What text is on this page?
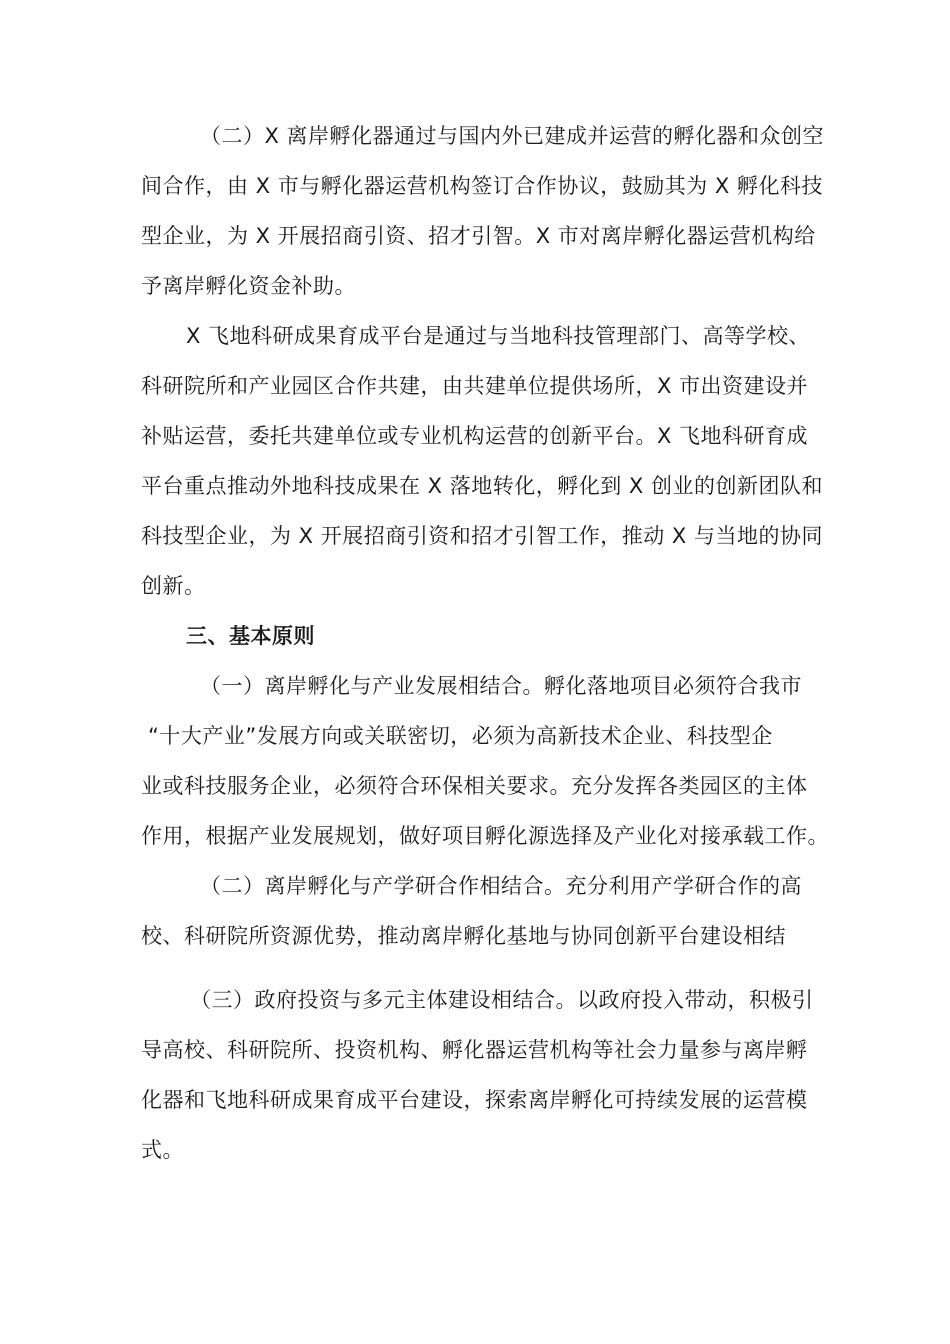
（二）X 离岸孵化器通过与国内外已建成并运营的孵化器和众创空
间合作，由 X 市与孵化器运营机构签订合作协议，鼓励其为 X 孵化科技
型企业，为 X 开展招商引资、招才引智。X 市对离岸孵化器运营机构给
予离岸孵化资金补助。
X 飞地科研成果育成平台是通过与当地科技管理部门、高等学校、
科研院所和产业园区合作共建，由共建单位提供场所，X 市出资建设并
补贴运营，委托共建单位或专业机构运营的创新平台。X 飞地科研育成
平台重点推动外地科技成果在 X 落地转化，孵化到 X 创业的创新团队和
科技型企业，为 X 开展招商引资和招才引智工作，推动 X 与当地的协同
创新。
三、基本原则
（一）离岸孵化与产业发展相结合。孵化落地项目必须符合我市
“十大产业”发展方向或关联密切，必须为高新技术企业、科技型企
业或科技服务企业，必须符合环保相关要求。充分发挥各类园区的主体
作用，根据产业发展规划，做好项目孵化源选择及产业化对接承载工作。
（二）离岸孵化与产学研合作相结合。充分利用产学研合作的高
校、科研院所资源优势，推动离岸孵化基地与协同创新平台建设相结
（三）政府投资与多元主体建设相结合。以政府投入带动，积极引
导高校、科研院所、投资机构、孵化器运营机构等社会力量参与离岸孵
化器和飞地科研成果育成平台建设，探索离岸孵化可持续发展的运营模
式。
